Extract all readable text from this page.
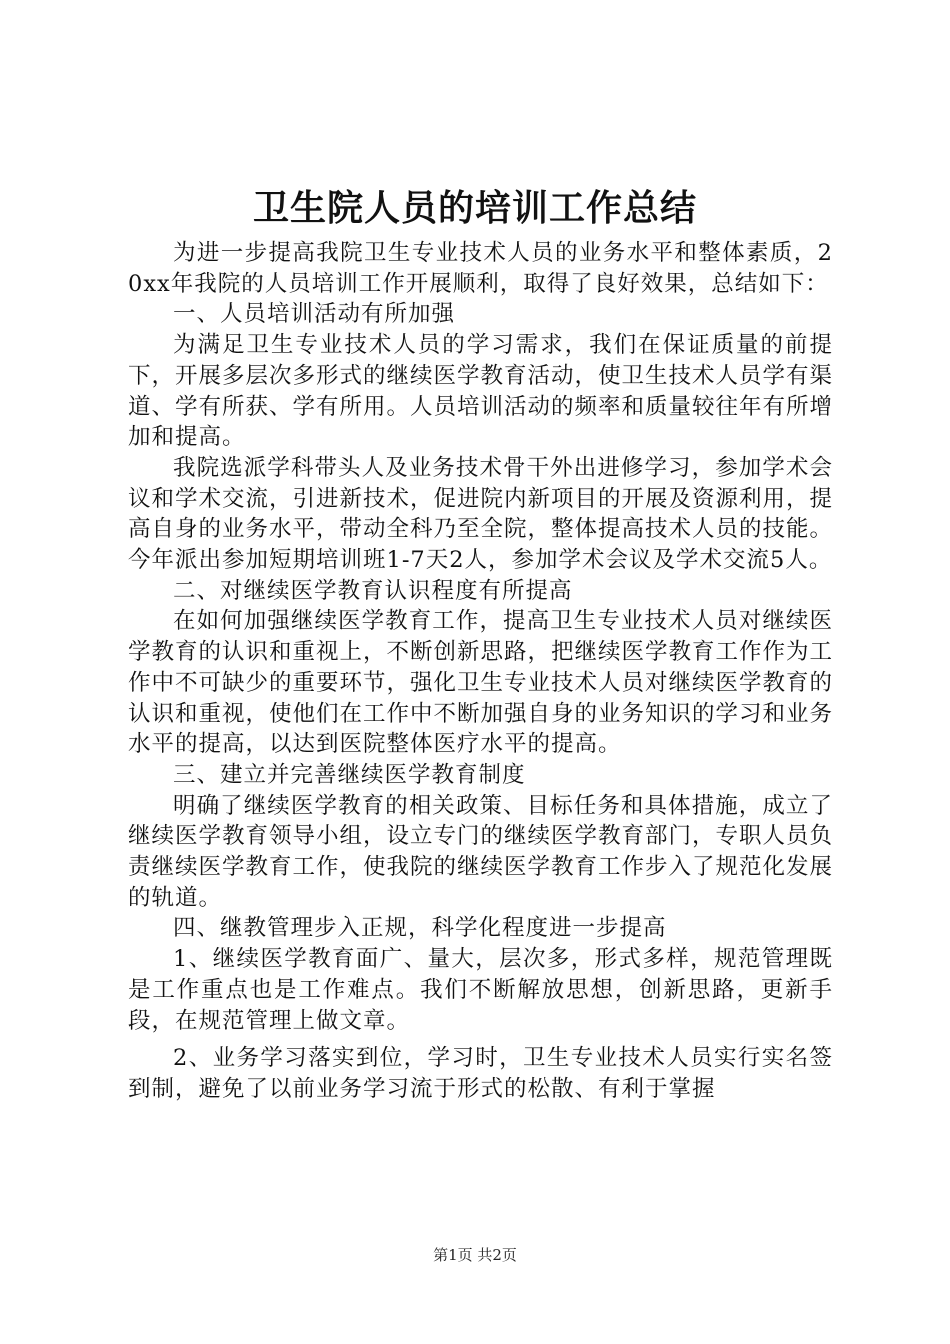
卫生院人员的培训工作总结

为进一步提高我院卫生专业技术人员的业务水平和整体素质，20xx年我院的人员培训工作开展顺利，取得了良好效果，总结如下：

一、人员培训活动有所加强

为满足卫生专业技术人员的学习需求，我们在保证质量的前提下，开展多层次多形式的继续医学教育活动，使卫生技术人员学有渠道、学有所获、学有所用。人员培训活动的频率和质量较往年有所增加和提高。

我院选派学科带头人及业务技术骨干外出进修学习，参加学术会议和学术交流，引进新技术，促进院内新项目的开展及资源利用，提高自身的业务水平，带动全科乃至全院，整体提高技术人员的技能。今年派出参加短期培训班1-7天2人，参加学术会议及学术交流5人。

二、对继续医学教育认识程度有所提高

在如何加强继续医学教育工作，提高卫生专业技术人员对继续医学教育的认识和重视上，不断创新思路，把继续医学教育工作作为工作中不可缺少的重要环节，强化卫生专业技术人员对继续医学教育的认识和重视，使他们在工作中不断加强自身的业务知识的学习和业务水平的提高，以达到医院整体医疗水平的提高。

三、建立并完善继续医学教育制度

明确了继续医学教育的相关政策、目标任务和具体措施，成立了继续医学教育领导小组，设立专门的继续医学教育部门，专职人员负责继续医学教育工作，使我院的继续医学教育工作步入了规范化发展的轨道。

四、继教管理步入正规，科学化程度进一步提高

1、继续医学教育面广、量大，层次多，形式多样，规范管理既是工作重点也是工作难点。我们不断解放思想，创新思路，更新手段，在规范管理上做文章。

2、业务学习落实到位，学习时，卫生专业技术人员实行实名签到制，避免了以前业务学习流于形式的松散、有利于掌握

第1页 共2页
